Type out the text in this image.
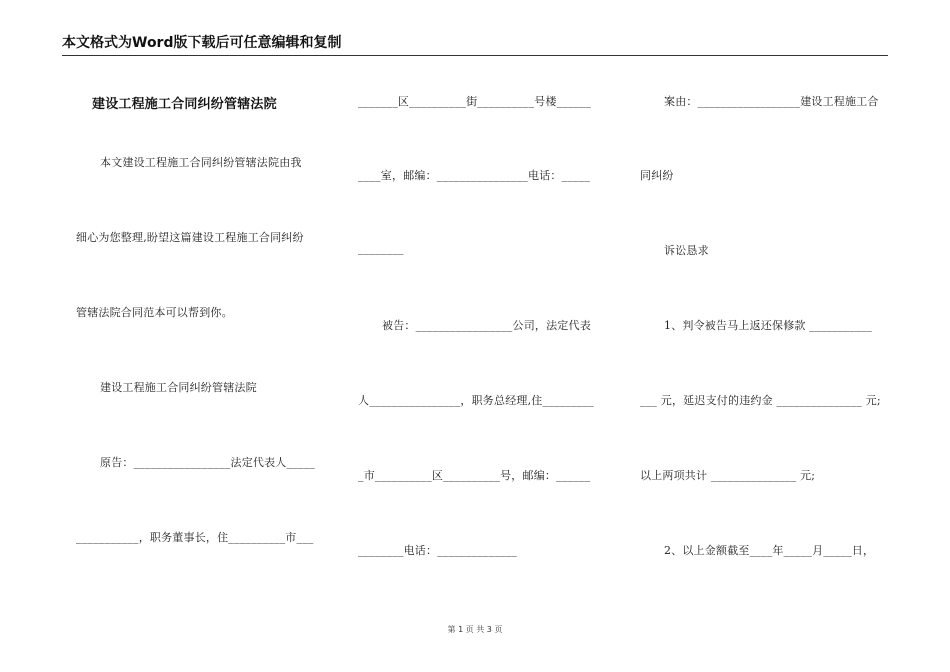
本文格式为Word版下载后可任意编辑和复制
建设工程施工合同纠纷管辖法院
本文建设工程施工合同纠纷管辖法院由我
细心为您整理,盼望这篇建设工程施工合同纠纷
管辖法院合同范本可以帮到你。
建设工程施工合同纠纷管辖法院
原告：_________________法定代表人_____
___________，职务董事长，住__________市___
_______区__________街__________号楼______
____室，邮编：________________电话：_____
________
被告：_________________公司，法定代表
人________________，职务总经理,住_________
_市__________区__________号，邮编：______
________电话：______________
案由：__________________建设工程施工合
同纠纷
诉讼恳求
1、判令被告马上返还保修款 ___________
___ 元，延迟支付的违约金 _______________ 元;
以上两项共计 _______________ 元;
2、以上金额截至____年_____月_____日，
第 1 页 共 3 页
